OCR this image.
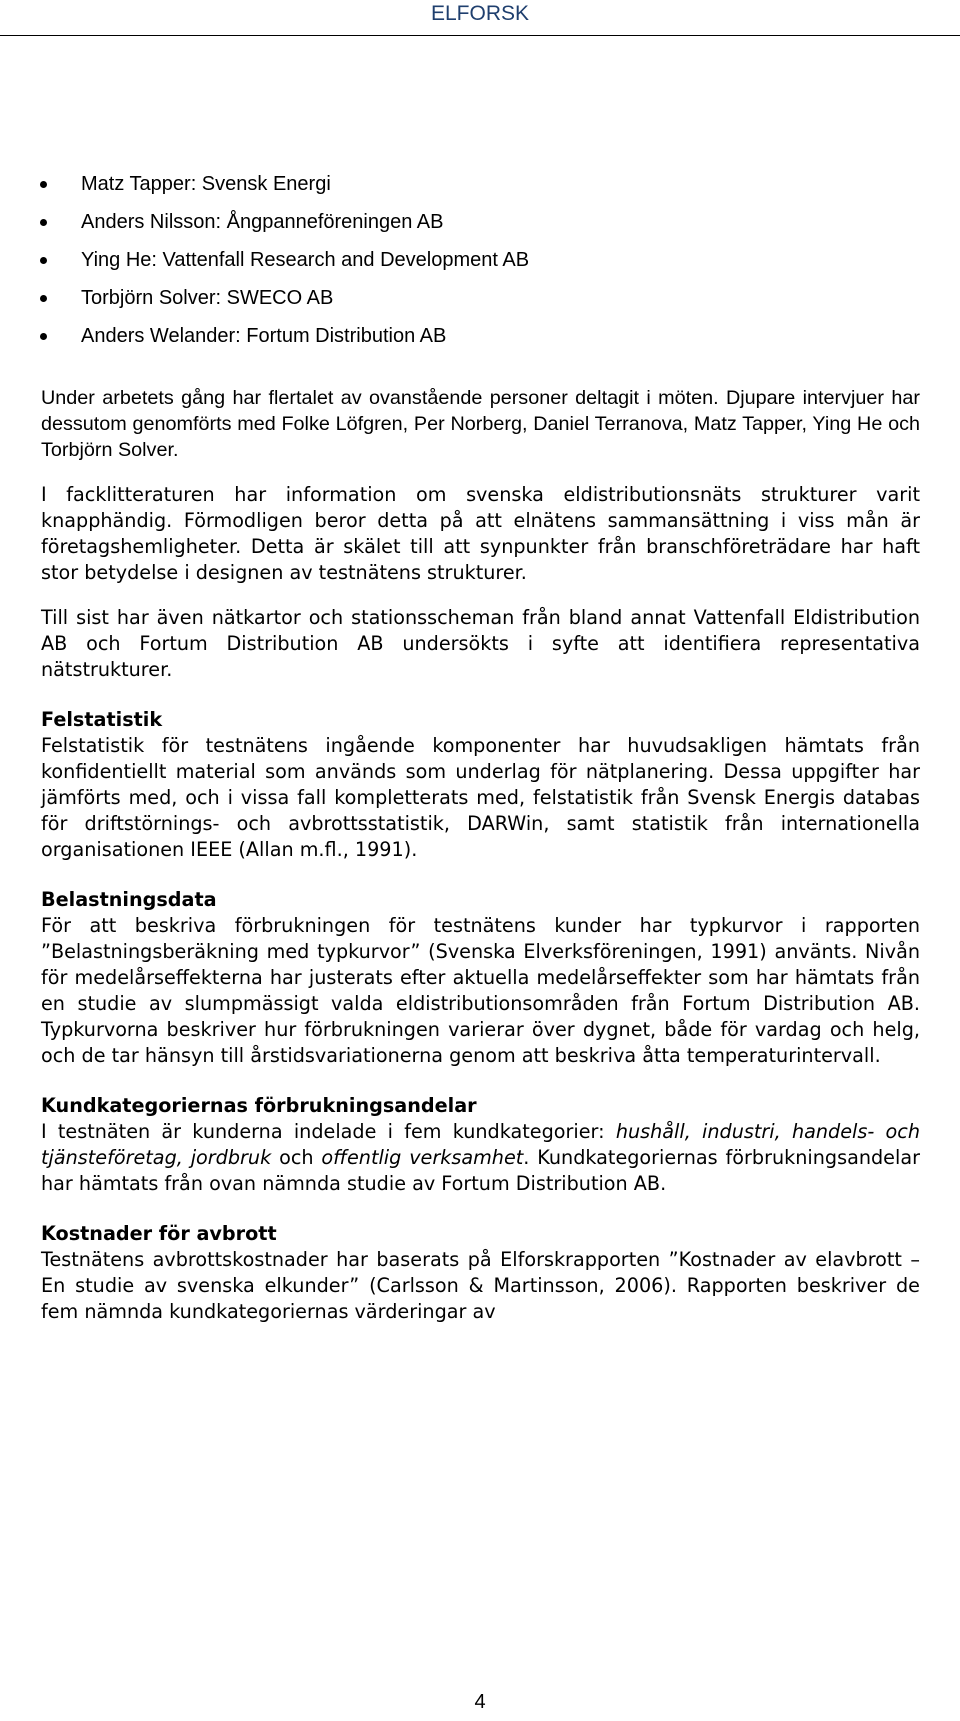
ELFORSK
Matz Tapper: Svensk Energi
Anders Nilsson: Ångpanneföreningen AB
Ying He: Vattenfall Research and Development AB
Torbjörn Solver: SWECO AB
Anders Welander: Fortum Distribution AB

Under arbetets gång har flertalet av ovanstående personer deltagit i möten. Djupare intervjuer har dessutom genomförts med Folke Löfgren, Per Norberg, Daniel Terranova, Matz Tapper, Ying He och Torbjörn Solver.

I facklitteraturen har information om svenska eldistributionsnäts strukturer varit knapphändig. Förmodligen beror detta på att elnätens sammansättning i viss mån är företagshemligheter. Detta är skälet till att synpunkter från branschföreträdare har haft stor betydelse i designen av testnätens strukturer.

Till sist har även nätkartor och stationsscheman från bland annat Vattenfall Eldistribution AB och Fortum Distribution AB undersökts i syfte att identifiera representativa nätstrukturer.

Felstatistik

Felstatistik för testnätens ingående komponenter har huvudsakligen hämtats från konfidentiellt material som används som underlag för nätplanering. Dessa uppgifter har jämförts med, och i vissa fall kompletterats med, felstatistik från Svensk Energis databas för driftstörnings- och avbrottsstatistik, DARWin, samt statistik från internationella organisationen IEEE (Allan m.fl., 1991).

Belastningsdata

För att beskriva förbrukningen för testnätens kunder har typkurvor i rapporten ”Belastningsberäkning med typkurvor” (Svenska Elverksföreningen, 1991) använts. Nivån för medelårseffekterna har justerats efter aktuella medelårseffekter som har hämtats från en studie av slumpmässigt valda eldistributionsområden från Fortum Distribution AB. Typkurvorna beskriver hur förbrukningen varierar över dygnet, både för vardag och helg, och de tar hänsyn till årstidsvariationerna genom att beskriva åtta temperaturintervall.

Kundkategoriernas förbrukningsandelar

I testnäten är kunderna indelade i fem kundkategorier: hushåll, industri, handels- och tjänsteföretag, jordbruk och offentlig verksamhet. Kundkategoriernas förbrukningsandelar har hämtats från ovan nämnda studie av Fortum Distribution AB.

Kostnader för avbrott

Testnätens avbrottskostnader har baserats på Elforskrapporten ”Kostnader av elavbrott – En studie av svenska elkunder” (Carlsson & Martinsson, 2006). Rapporten beskriver de fem nämnda kundkategoriernas värderingar av

4
